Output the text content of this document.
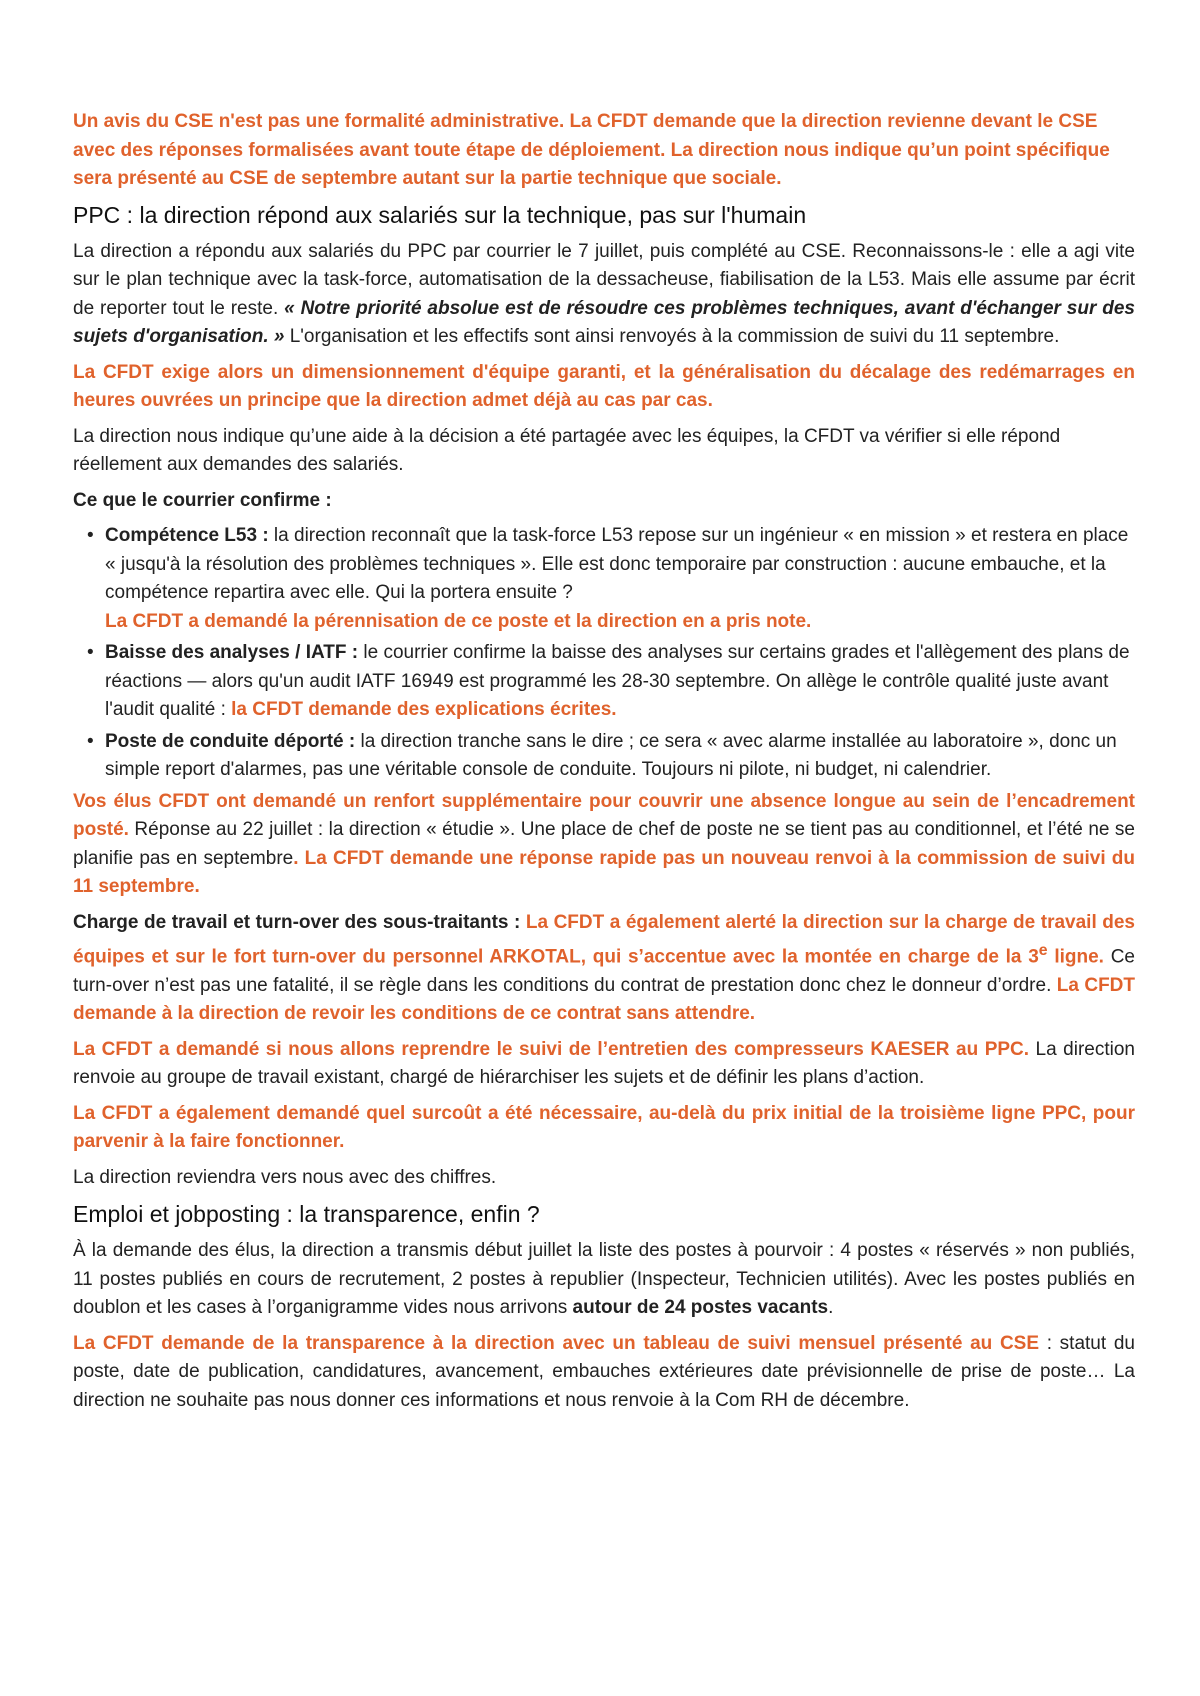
Un avis du CSE n'est pas une formalité administrative. La CFDT demande que la direction revienne devant le CSE avec des réponses formalisées avant toute étape de déploiement. La direction nous indique qu’un point spécifique sera présenté au CSE de septembre autant sur la partie technique que sociale.

PPC : la direction répond aux salariés sur la technique, pas sur l'humain

La direction a répondu aux salariés du PPC par courrier le 7 juillet, puis complété au CSE. Reconnaissons-le : elle a agi vite sur le plan technique avec la task-force, automatisation de la dessacheuse, fiabilisation de la L53. Mais elle assume par écrit de reporter tout le reste. « Notre priorité absolue est de résoudre ces problèmes techniques, avant d'échanger sur des sujets d'organisation. » L'organisation et les effectifs sont ainsi renvoyés à la commission de suivi du 11 septembre.

La CFDT exige alors un dimensionnement d'équipe garanti, et la généralisation du décalage des redémarrages en heures ouvrées un principe que la direction admet déjà au cas par cas.

La direction nous indique qu’une aide à la décision a été partagée avec les équipes, la CFDT va vérifier si elle répond réellement aux demandes des salariés.

Ce que le courrier confirme :

• Compétence L53 : la direction reconnaît que la task-force L53 repose sur un ingénieur « en mission » et restera en place « jusqu'à la résolution des problèmes techniques ». Elle est donc temporaire par construction : aucune embauche, et la compétence repartira avec elle. Qui la portera ensuite ?
La CFDT a demandé la pérennisation de ce poste et la direction en a pris note.
• Baisse des analyses / IATF : le courrier confirme la baisse des analyses sur certains grades et l'allègement des plans de réactions — alors qu'un audit IATF 16949 est programmé les 28-30 septembre. On allège le contrôle qualité juste avant l'audit qualité : la CFDT demande des explications écrites.
• Poste de conduite déporté : la direction tranche sans le dire ; ce sera « avec alarme installée au laboratoire », donc un simple report d'alarmes, pas une véritable console de conduite. Toujours ni pilote, ni budget, ni calendrier.

Vos élus CFDT ont demandé un renfort supplémentaire pour couvrir une absence longue au sein de l’encadrement posté. Réponse au 22 juillet : la direction « étudie ». Une place de chef de poste ne se tient pas au conditionnel, et l’été ne se planifie pas en septembre. La CFDT demande une réponse rapide pas un nouveau renvoi à la commission de suivi du 11 septembre.

Charge de travail et turn-over des sous-traitants : La CFDT a également alerté la direction sur la charge de travail des équipes et sur le fort turn-over du personnel ARKOTAL, qui s’accentue avec la montée en charge de la 3e ligne. Ce turn-over n’est pas une fatalité, il se règle dans les conditions du contrat de prestation donc chez le donneur d’ordre. La CFDT demande à la direction de revoir les conditions de ce contrat sans attendre.

La CFDT a demandé si nous allons reprendre le suivi de l’entretien des compresseurs KAESER au PPC. La direction renvoie au groupe de travail existant, chargé de hiérarchiser les sujets et de définir les plans d’action.

La CFDT a également demandé quel surcoût a été nécessaire, au-delà du prix initial de la troisième ligne PPC, pour parvenir à la faire fonctionner.

La direction reviendra vers nous avec des chiffres.

Emploi et jobposting : la transparence, enfin ?

À la demande des élus, la direction a transmis début juillet la liste des postes à pourvoir : 4 postes « réservés » non publiés, 11 postes publiés en cours de recrutement, 2 postes à republier (Inspecteur, Technicien utilités). Avec les postes publiés en doublon et les cases à l’organigramme vides nous arrivons autour de 24 postes vacants.

La CFDT demande de la transparence à la direction avec un tableau de suivi mensuel présenté au CSE : statut du poste, date de publication, candidatures, avancement, embauches extérieures date prévisionnelle de prise de poste… La direction ne souhaite pas nous donner ces informations et nous renvoie à la Com RH de décembre.
